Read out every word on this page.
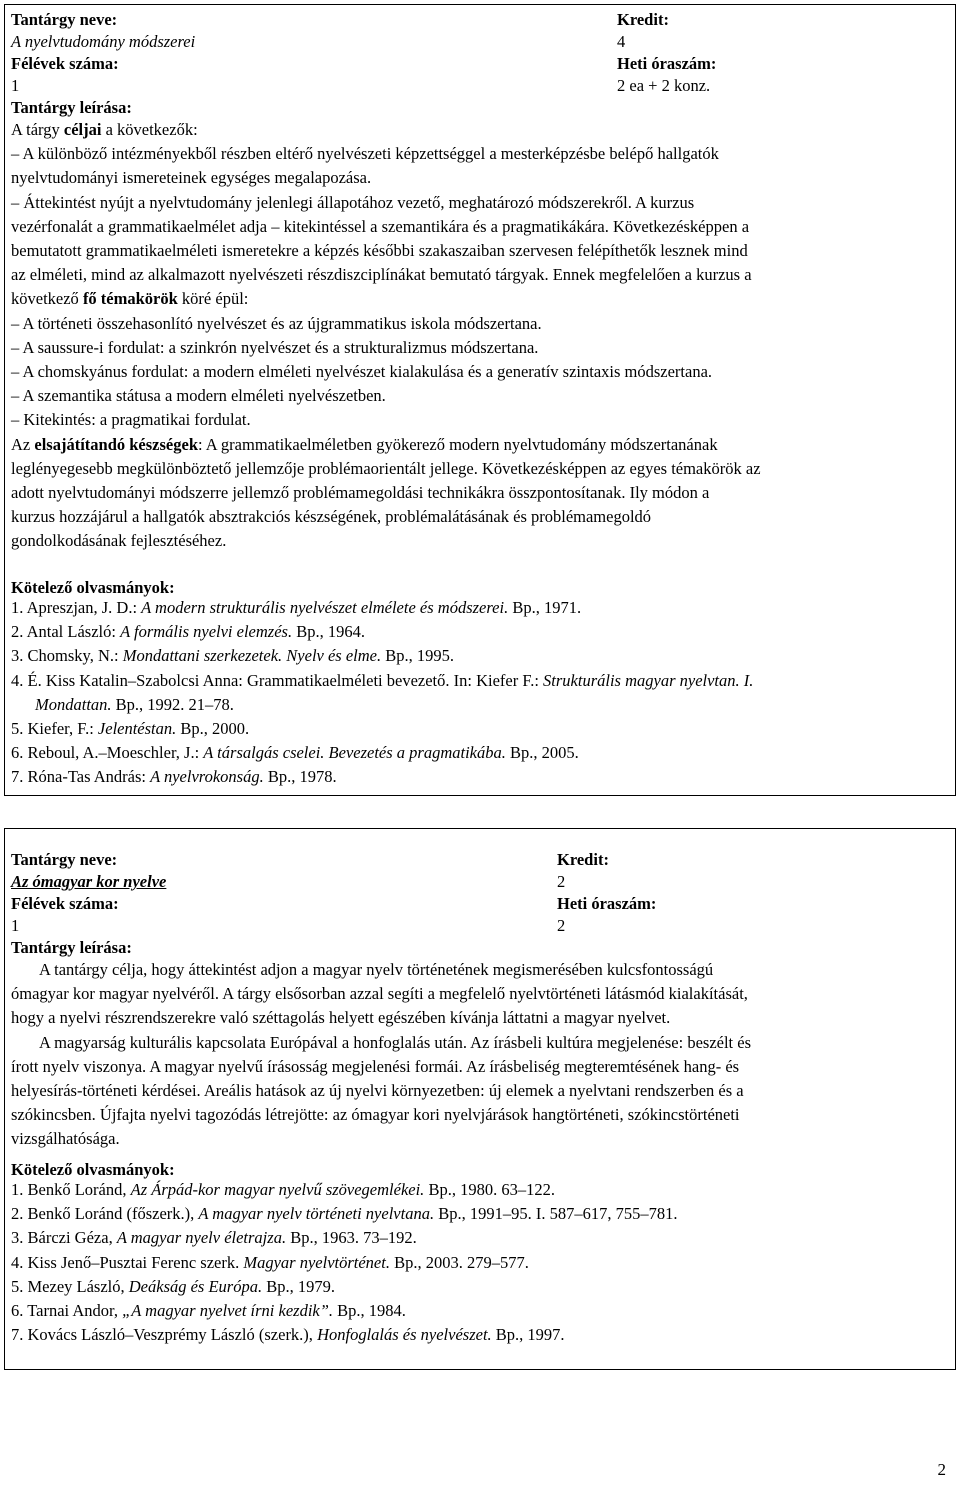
Tantárgy neve:
A nyelvtudomány módszerei
Félévek száma:
1
Kredit:
4
Heti óraszám:
2 ea + 2 konz.
Tantárgy leírása:
A tárgy céljai a következők:
– A különböző intézményekből részben eltérő nyelvészeti képzettséggel a mesterképzésbe belépő hallgatók
nyelvtudományi ismereteinek egységes megalapozása.
– Áttekintést nyújt a nyelvtudomány jelenlegi állapotához vezető, meghatározó módszerekről. A kurzus
vezérfonalát a grammatikaelmélet adja – kitekintéssel a szemantikára és a pragmatikákára. Következésképpen a
bemutatott grammatikaelméleti ismeretekre a képzés későbbi szakaszaiban szervesen felépíthetők lesznek mind
az elméleti, mind az alkalmazott nyelvészeti részdiszciplínákat bemutató tárgyak. Ennek megfelelően a kurzus a
következő fő témakörök köré épül:
– A történeti összehasonlító nyelvészet és az újgrammatikus iskola módszertana.
– A saussure-i fordulat: a szinkrón nyelvészet és a strukturalizmus módszertana.
– A chomskyánus fordulat: a modern elméleti nyelvészet kialakulása és a generatív szintaxis módszertana.
– A szemantika státusa a modern elméleti nyelvészetben.
– Kitekintés: a pragmatikai fordulat.
Az elsajátítandó készségek: A grammatikaelméletben gyökerező modern nyelvtudomány módszertanának
leglényegesebb megkülönböztető jellemzője problémaorientált jellege. Következésképpen az egyes témakörök az
adott nyelvtudományi módszerre jellemző problémamegoldási technikákra összpontosítanak. Ily módon a
kurzus hozzájárul a hallgatók absztrakciós készségének, problémalátásának és problémamegoldó
gondolkodásának fejlesztéséhez.
Kötelező olvasmányok:
1. Apreszjan, J. D.: A modern strukturális nyelvészet elmélete és módszerei. Bp., 1971.
2. Antal László: A formális nyelvi elemzés. Bp., 1964.
3. Chomsky, N.: Mondattani szerkezetek. Nyelv és elme. Bp., 1995.
4. É. Kiss Katalin–Szabolcsi Anna: Grammatikaelméleti bevezető. In: Kiefer F.: Strukturális magyar nyelvtan. I.
Mondattan. Bp., 1992. 21–78.
5. Kiefer, F.: Jelentéstan. Bp., 2000.
6. Reboul, A.–Moeschler, J.: A társalgás cselei. Bevezetés a pragmatikába. Bp., 2005.
7. Róna-Tas András: A nyelvrokonság. Bp., 1978.
Tantárgy neve:
Az ómagyar kor nyelve
Félévek száma:
1
Kredit:
2
Heti óraszám:
2
Tantárgy leírása:
A tantárgy célja, hogy áttekintést adjon a magyar nyelv történetének megismerésében kulcsfontosságú
ómagyar kor magyar nyelvéről. A tárgy elsősorban azzal segíti a megfelelő nyelvtörténeti látásmód kialakítását,
hogy a nyelvi részrendszerekre való széttagolás helyett egészében kívánja láttatni a magyar nyelvet.
A magyarság kulturális kapcsolata Európával a honfoglalás után. Az írásbeli kultúra megjelenése: beszélt és
írott nyelv viszonya. A magyar nyelvű írásosság megjelenési formái. Az írásbeliség megteremtésének hang- és
helyesírás-történeti kérdései. Areális hatások az új nyelvi környezetben: új elemek a nyelvtani rendszerben és a
szókincsben. Újfajta nyelvi tagozódás létrejötte: az ómagyar kori nyelvjárások hangtörténeti, szókincstörténeti
vizsgálhatósága.
Kötelező olvasmányok:
1. Benkő Loránd, Az Árpád-kor magyar nyelvű szövegemlékei. Bp., 1980. 63–122.
2. Benkő Loránd (főszerk.), A magyar nyelv történeti nyelvtana. Bp., 1991–95. I. 587–617, 755–781.
3. Bárczi Géza, A magyar nyelv életrajza. Bp., 1963. 73–192.
4. Kiss Jenő–Pusztai Ferenc szerk. Magyar nyelvtörténet. Bp., 2003. 279–577.
5. Mezey László, Deákság és Európa. Bp., 1979.
6. Tarnai Andor, „A magyar nyelvet írni kezdik”. Bp., 1984.
7. Kovács László–Veszprémy László (szerk.), Honfoglalás és nyelvészet. Bp., 1997.
2
